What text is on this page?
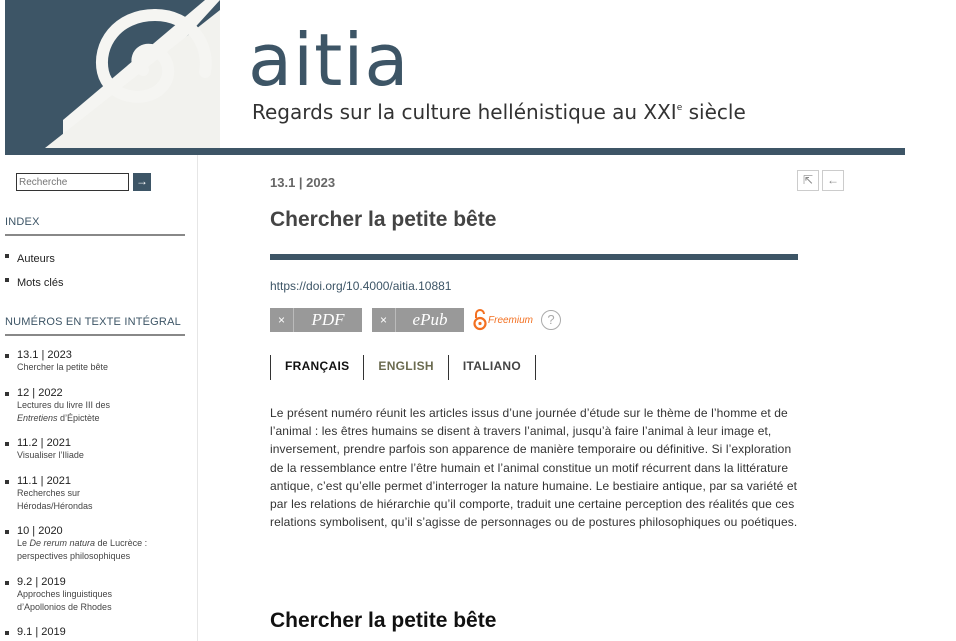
aitia
Regards sur la culture hellénistique au XXIe siècle
Recherche
→
INDEX
Auteurs
Mots clés
NUMÉROS EN TEXTE INTÉGRAL
13.1 | 2023
Chercher la petite bête
12 | 2022
Lectures du livre III des
Entretiens d’Épictète
11.2 | 2021
Visualiser l’Iliade
11.1 | 2021
Recherches sur
Hérodas/Hérondas
10 | 2020
Le De rerum natura de Lucrèce :
perspectives philosophiques
9.2 | 2019
Approches linguistiques
d’Apollonios de Rhodes
9.1 | 2019
13.1 | 2023	⇱	←
Chercher la petite bête
https://doi.org/10.4000/aitia.10881
×	PDF	×	ePub	Freemium	?
FRANÇAIS	ENGLISH	ITALIANO

Le présent numéro réunit les articles issus d’une journée d’étude sur le thème de l’homme et de l’animal : les êtres humains se disent à travers l’animal, jusqu’à faire l’animal à leur image et, inversement, prendre parfois son apparence de manière temporaire ou définitive. Si l’exploration de la ressemblance entre l’être humain et l’animal constitue un motif récurrent dans la littérature antique, c’est qu’elle permet d’interroger la nature humaine. Le bestiaire antique, par sa variété et par les relations de hiérarchie qu’il comporte, traduit une certaine perception des réalités que ces relations symbolisent, qu’il s’agisse de personnages ou de postures philosophiques ou poétiques.

Chercher la petite bête
